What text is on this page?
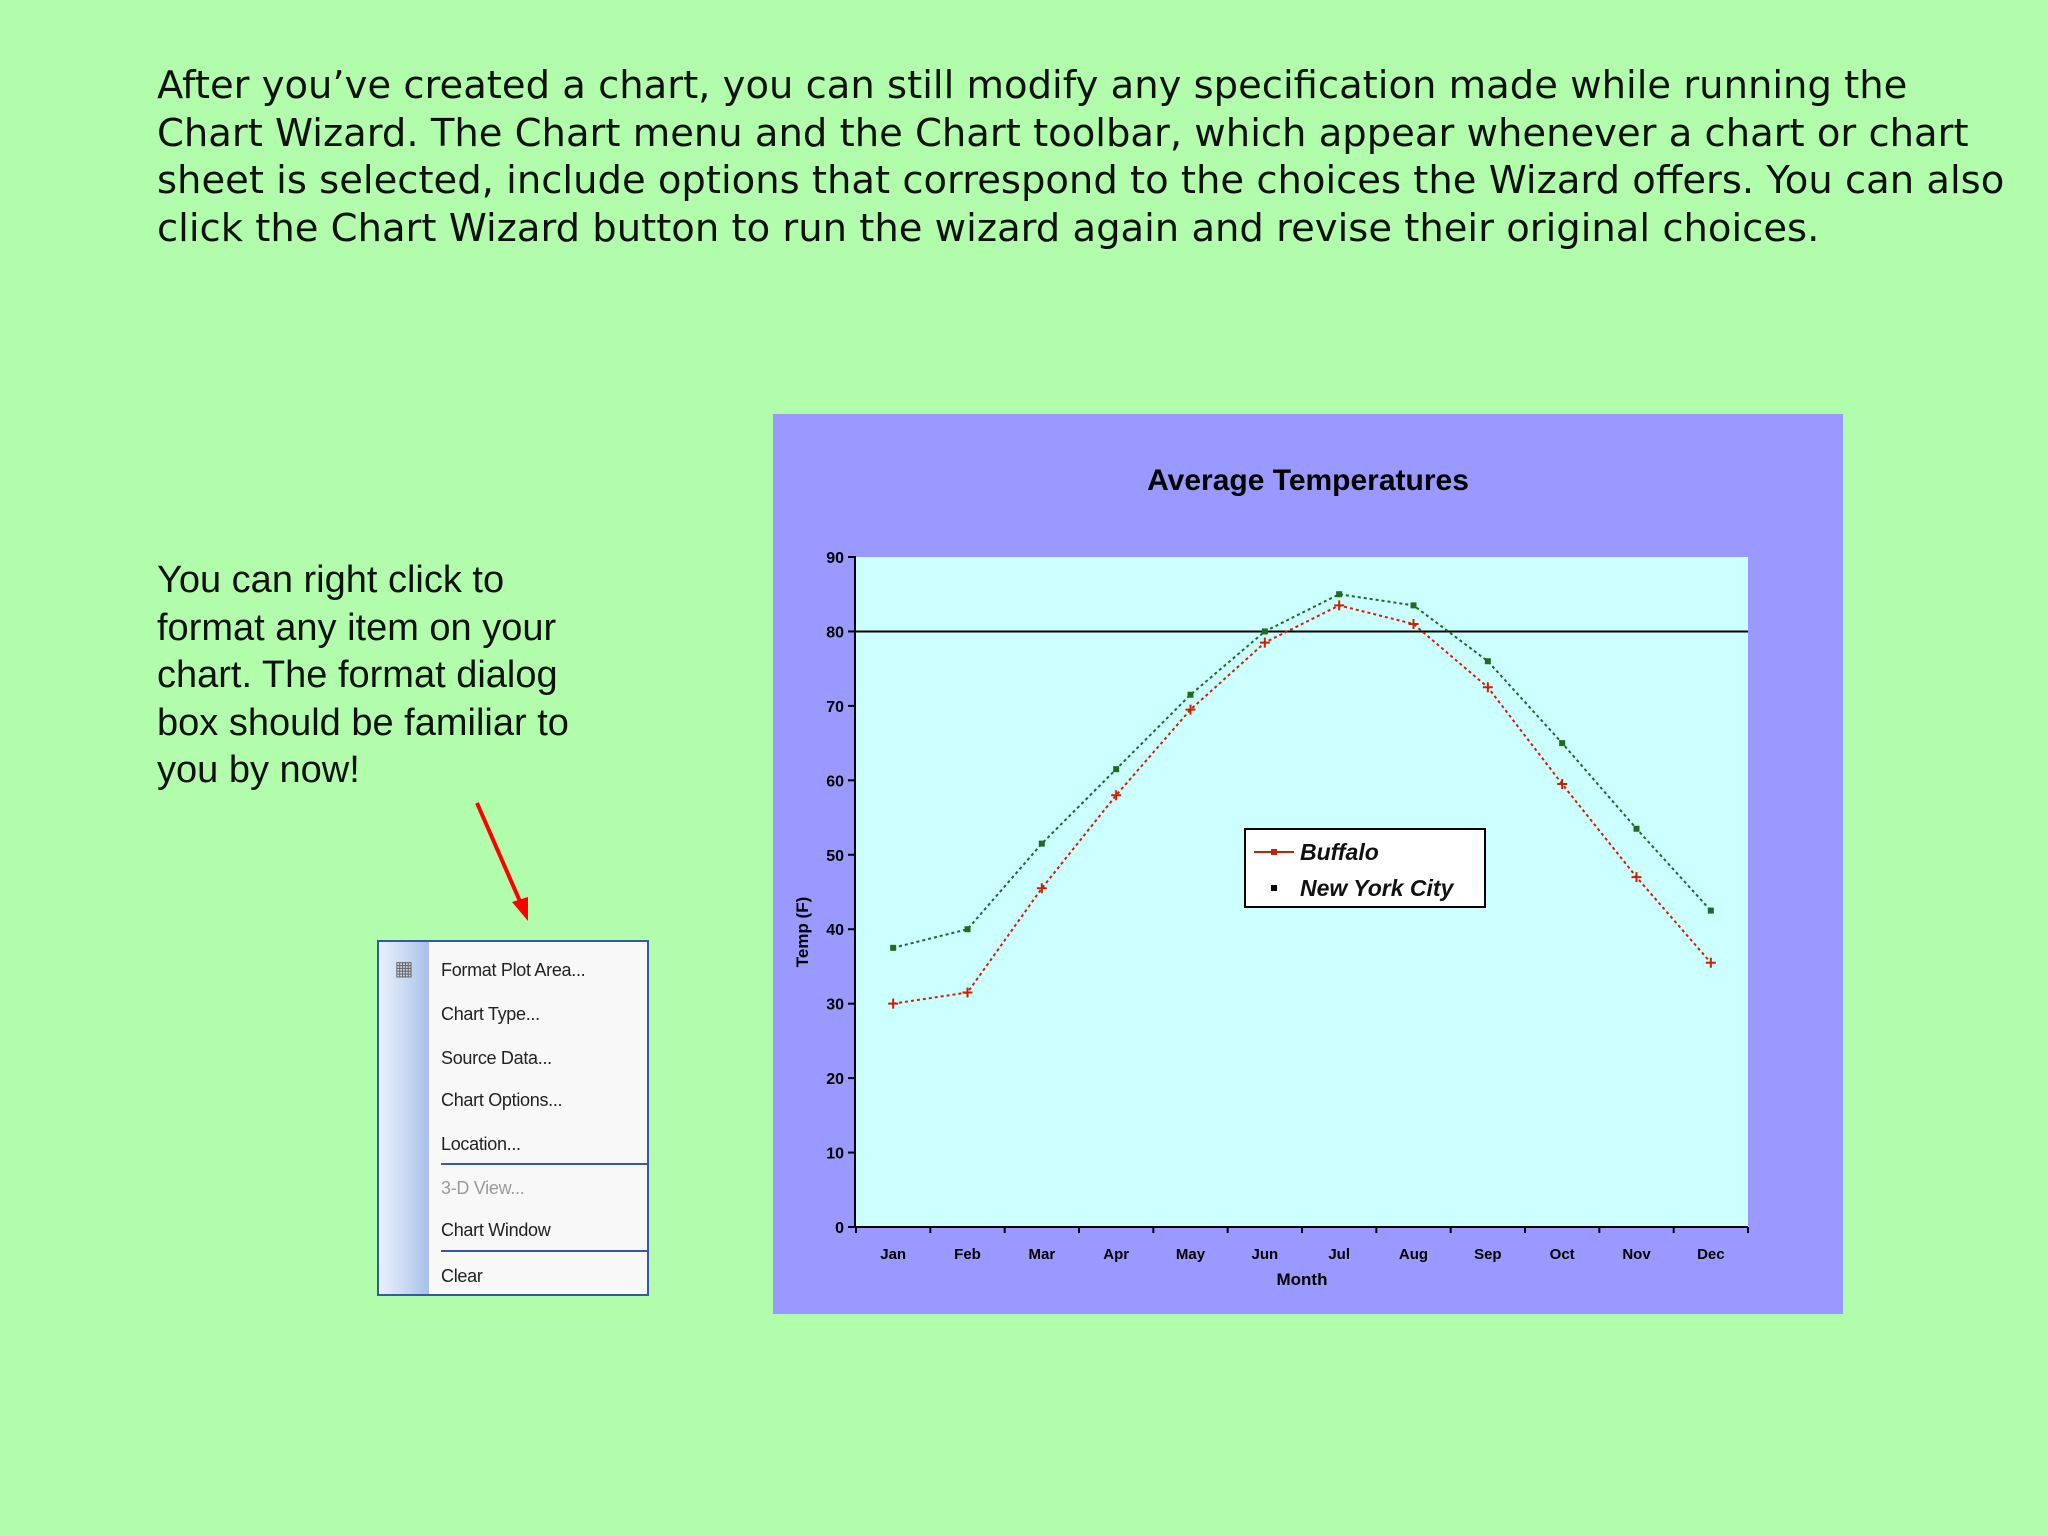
After you’ve created a chart, you can still modify any specification made while running the Chart Wizard. The Chart menu and the Chart toolbar, which appear whenever a chart or chart sheet is selected, include options that correspond to the choices the Wizard offers. You can also click the Chart Wizard button to run the wizard again and revise their original choices.

You can right click to format any item on your chart. The format dialog box should be familiar to you by now!

▦ Format Plot Area...
Chart Type...
Source Data...
Chart Options...
Location...
3-D View...
Chart Window
Clear
0
10
20
30
40
50
60
70
80
90
Jan	Feb	Mar	Apr	May	Jun	Jul	Aug	Sep	Oct	Nov	Dec
Month
Temp (F)
Average Temperatures
Buffalo
New York City
